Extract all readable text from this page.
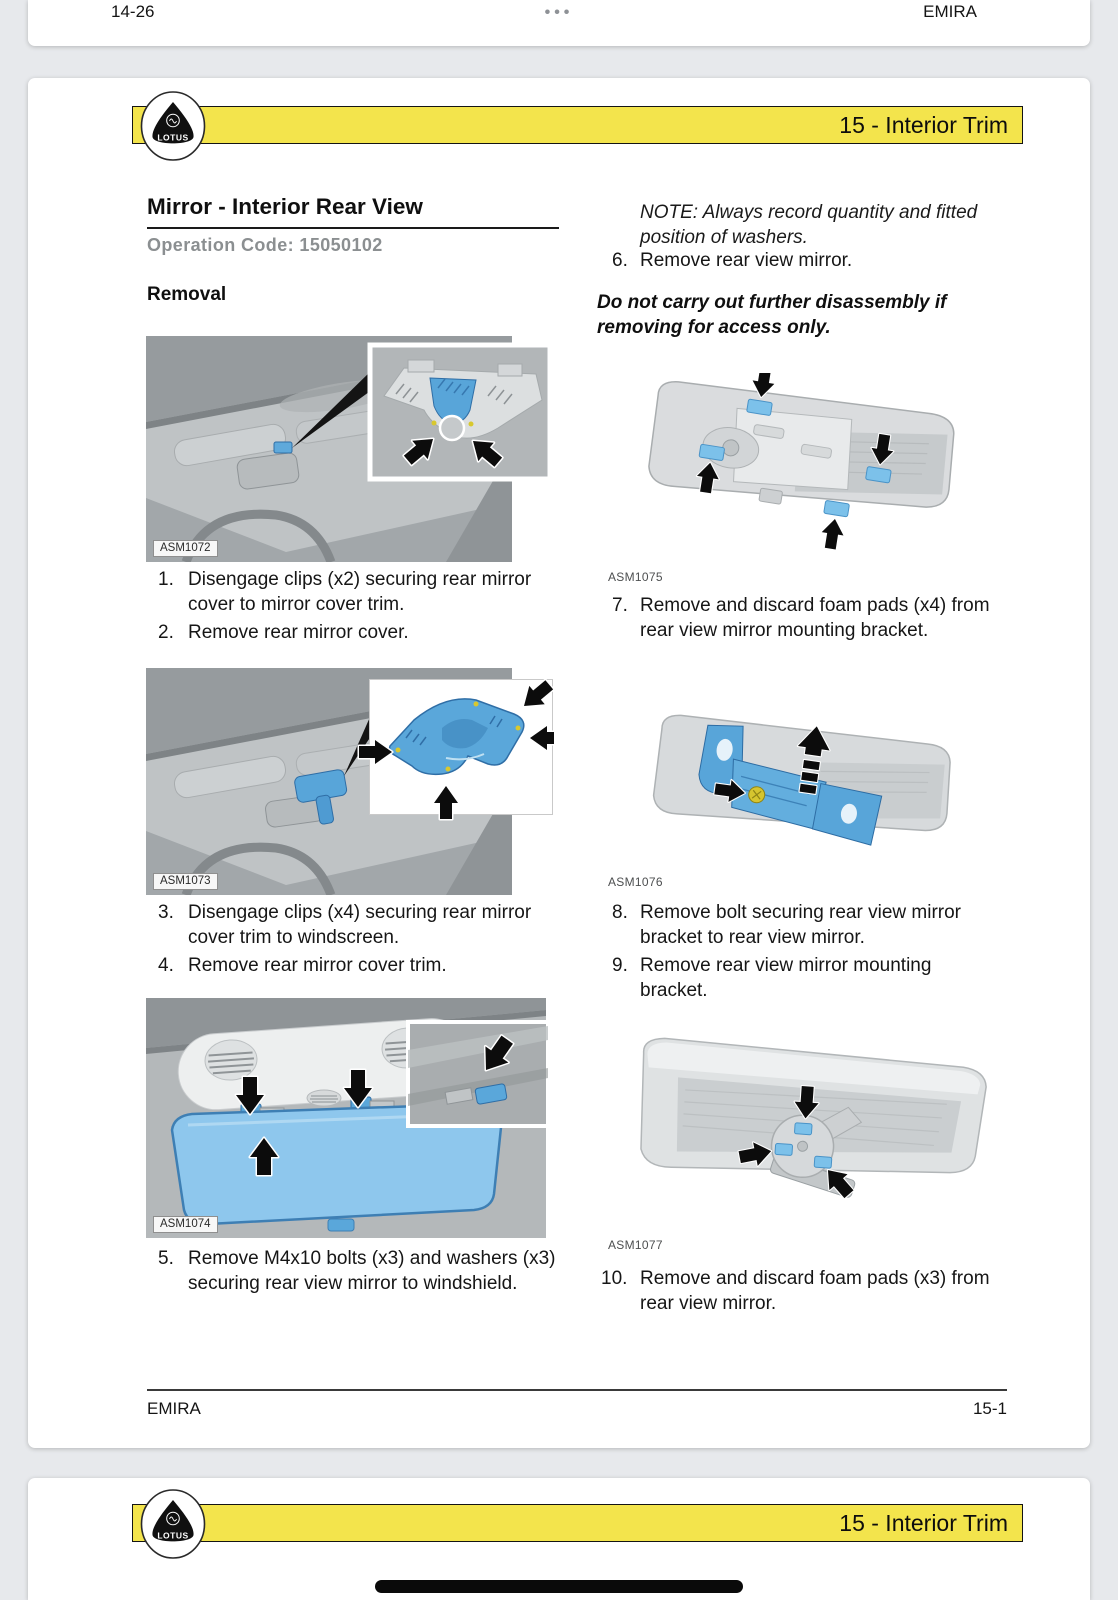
•••
14-26	EMIRA
15 - Interior Trim
LOTUS
Mirror - Interior Rear View
Operation Code: 15050102
Removal
ASM1072
1. Disengage clips (x2) securing rear mirror cover to mirror cover trim.
2. Remove rear mirror cover.
ASM1073
3. Disengage clips (x4) securing rear mirror cover trim to windscreen.
4. Remove rear mirror cover trim.
ASM1074
5. Remove M4x10 bolts (x3) and washers (x3) securing rear view mirror to windshield.
NOTE: Always record quantity and fitted position of washers.
6. Remove rear view mirror.
Do not carry out further disassembly if removing for access only.
ASM1075
7. Remove and discard foam pads (x4) from rear view mirror mounting bracket.
ASM1076
8. Remove bolt securing rear view mirror bracket to rear view mirror.
9. Remove rear view mirror mounting bracket.
ASM1077
10. Remove and discard foam pads (x3) from rear view mirror.
EMIRA	15-1
15 - Interior Trim
LOTUS
